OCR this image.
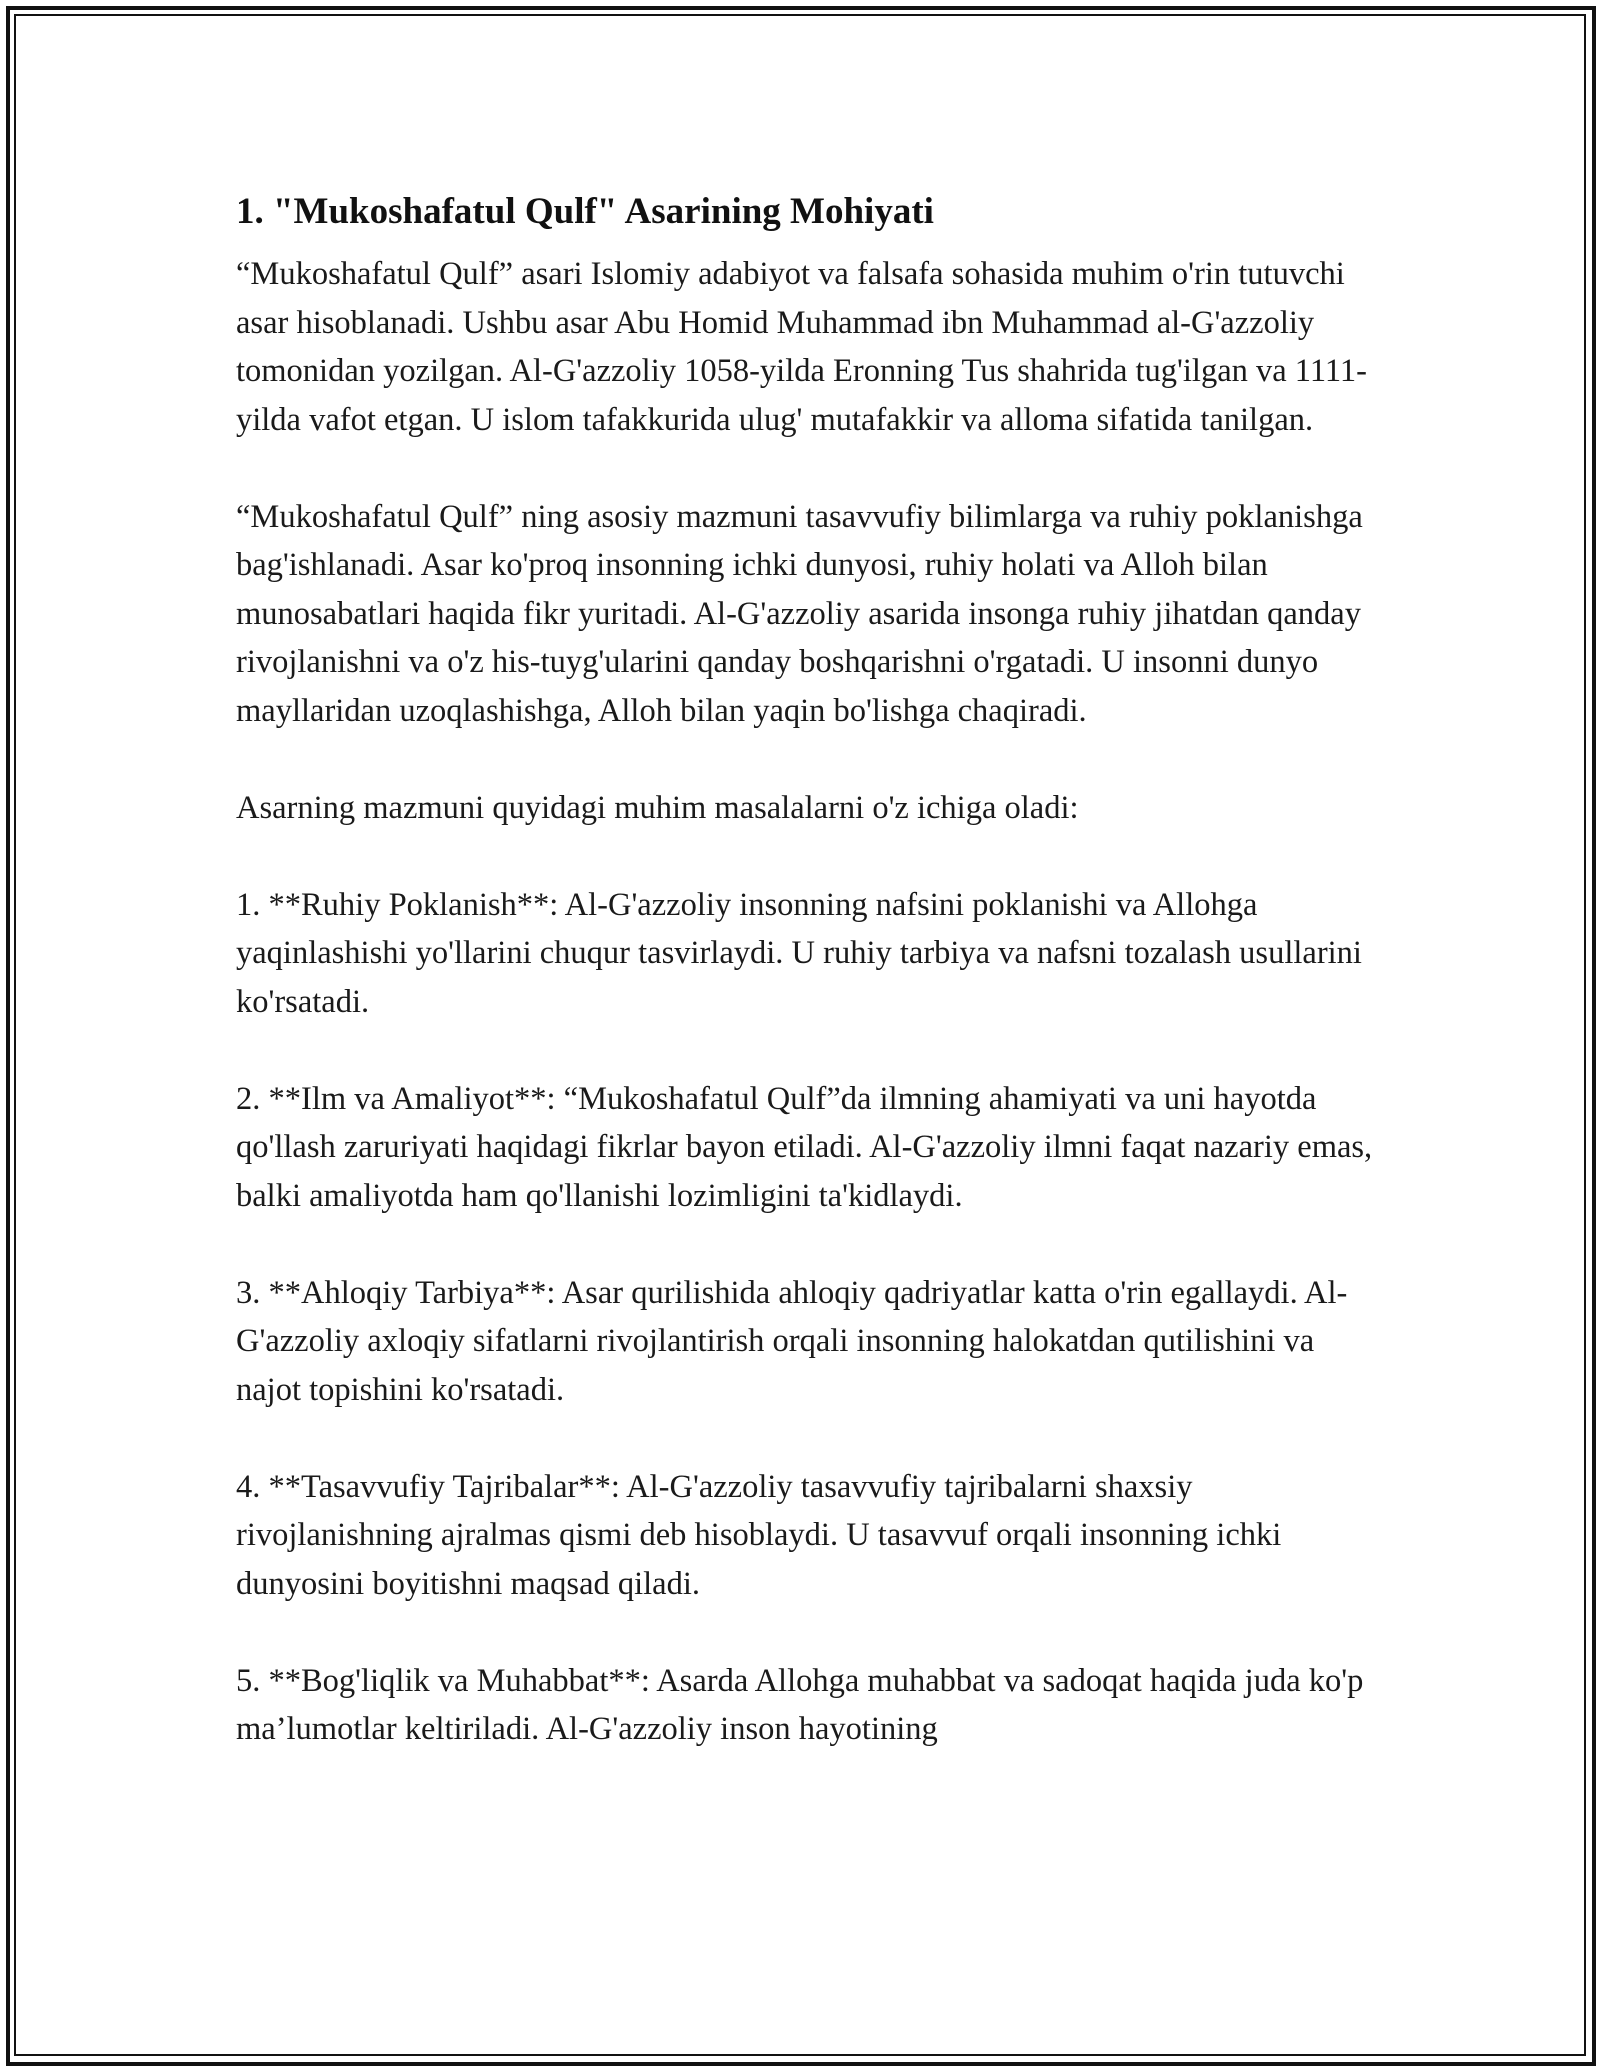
1. "Mukoshafatul Qulf" Asarining Mohiyati

“Mukoshafatul Qulf” asari Islomiy adabiyot va falsafa sohasida muhim o'rin tutuvchi asar hisoblanadi. Ushbu asar Abu Homid Muhammad ibn Muhammad al-G'azzoliy tomonidan yozilgan. Al-G'azzoliy 1058-yilda Eronning Tus shahrida tug'ilgan va 1111-yilda vafot etgan. U islom tafakkurida ulug' mutafakkir va alloma sifatida tanilgan.

“Mukoshafatul Qulf” ning asosiy mazmuni tasavvufiy bilimlarga va ruhiy poklanishga bag'ishlanadi. Asar ko'proq insonning ichki dunyosi, ruhiy holati va Alloh bilan munosabatlari haqida fikr yuritadi. Al-G'azzoliy asarida insonga ruhiy jihatdan qanday rivojlanishni va o'z his-tuyg'ularini qanday boshqarishni o'rgatadi. U insonni dunyo mayllaridan uzoqlashishga, Alloh bilan yaqin bo'lishga chaqiradi.

Asarning mazmuni quyidagi muhim masalalarni o'z ichiga oladi:

1. **Ruhiy Poklanish**: Al-G'azzoliy insonning nafsini poklanishi va Allohga yaqinlashishi yo'llarini chuqur tasvirlaydi. U ruhiy tarbiya va nafsni tozalash usullarini ko'rsatadi.

2. **Ilm va Amaliyot**: “Mukoshafatul Qulf”da ilmning ahamiyati va uni hayotda qo'llash zaruriyati haqidagi fikrlar bayon etiladi. Al-G'azzoliy ilmni faqat nazariy emas, balki amaliyotda ham qo'llanishi lozimligini ta'kidlaydi.

3. **Ahloqiy Tarbiya**: Asar qurilishida ahloqiy qadriyatlar katta o'rin egallaydi. Al-G'azzoliy axloqiy sifatlarni rivojlantirish orqali insonning halokatdan qutilishini va najot topishini ko'rsatadi.

4. **Tasavvufiy Tajribalar**: Al-G'azzoliy tasavvufiy tajribalarni shaxsiy rivojlanishning ajralmas qismi deb hisoblaydi. U tasavvuf orqali insonning ichki dunyosini boyitishni maqsad qiladi.

5. **Bog'liqlik va Muhabbat**: Asarda Allohga muhabbat va sadoqat haqida juda ko'p ma’lumotlar keltiriladi. Al-G'azzoliy inson hayotining
